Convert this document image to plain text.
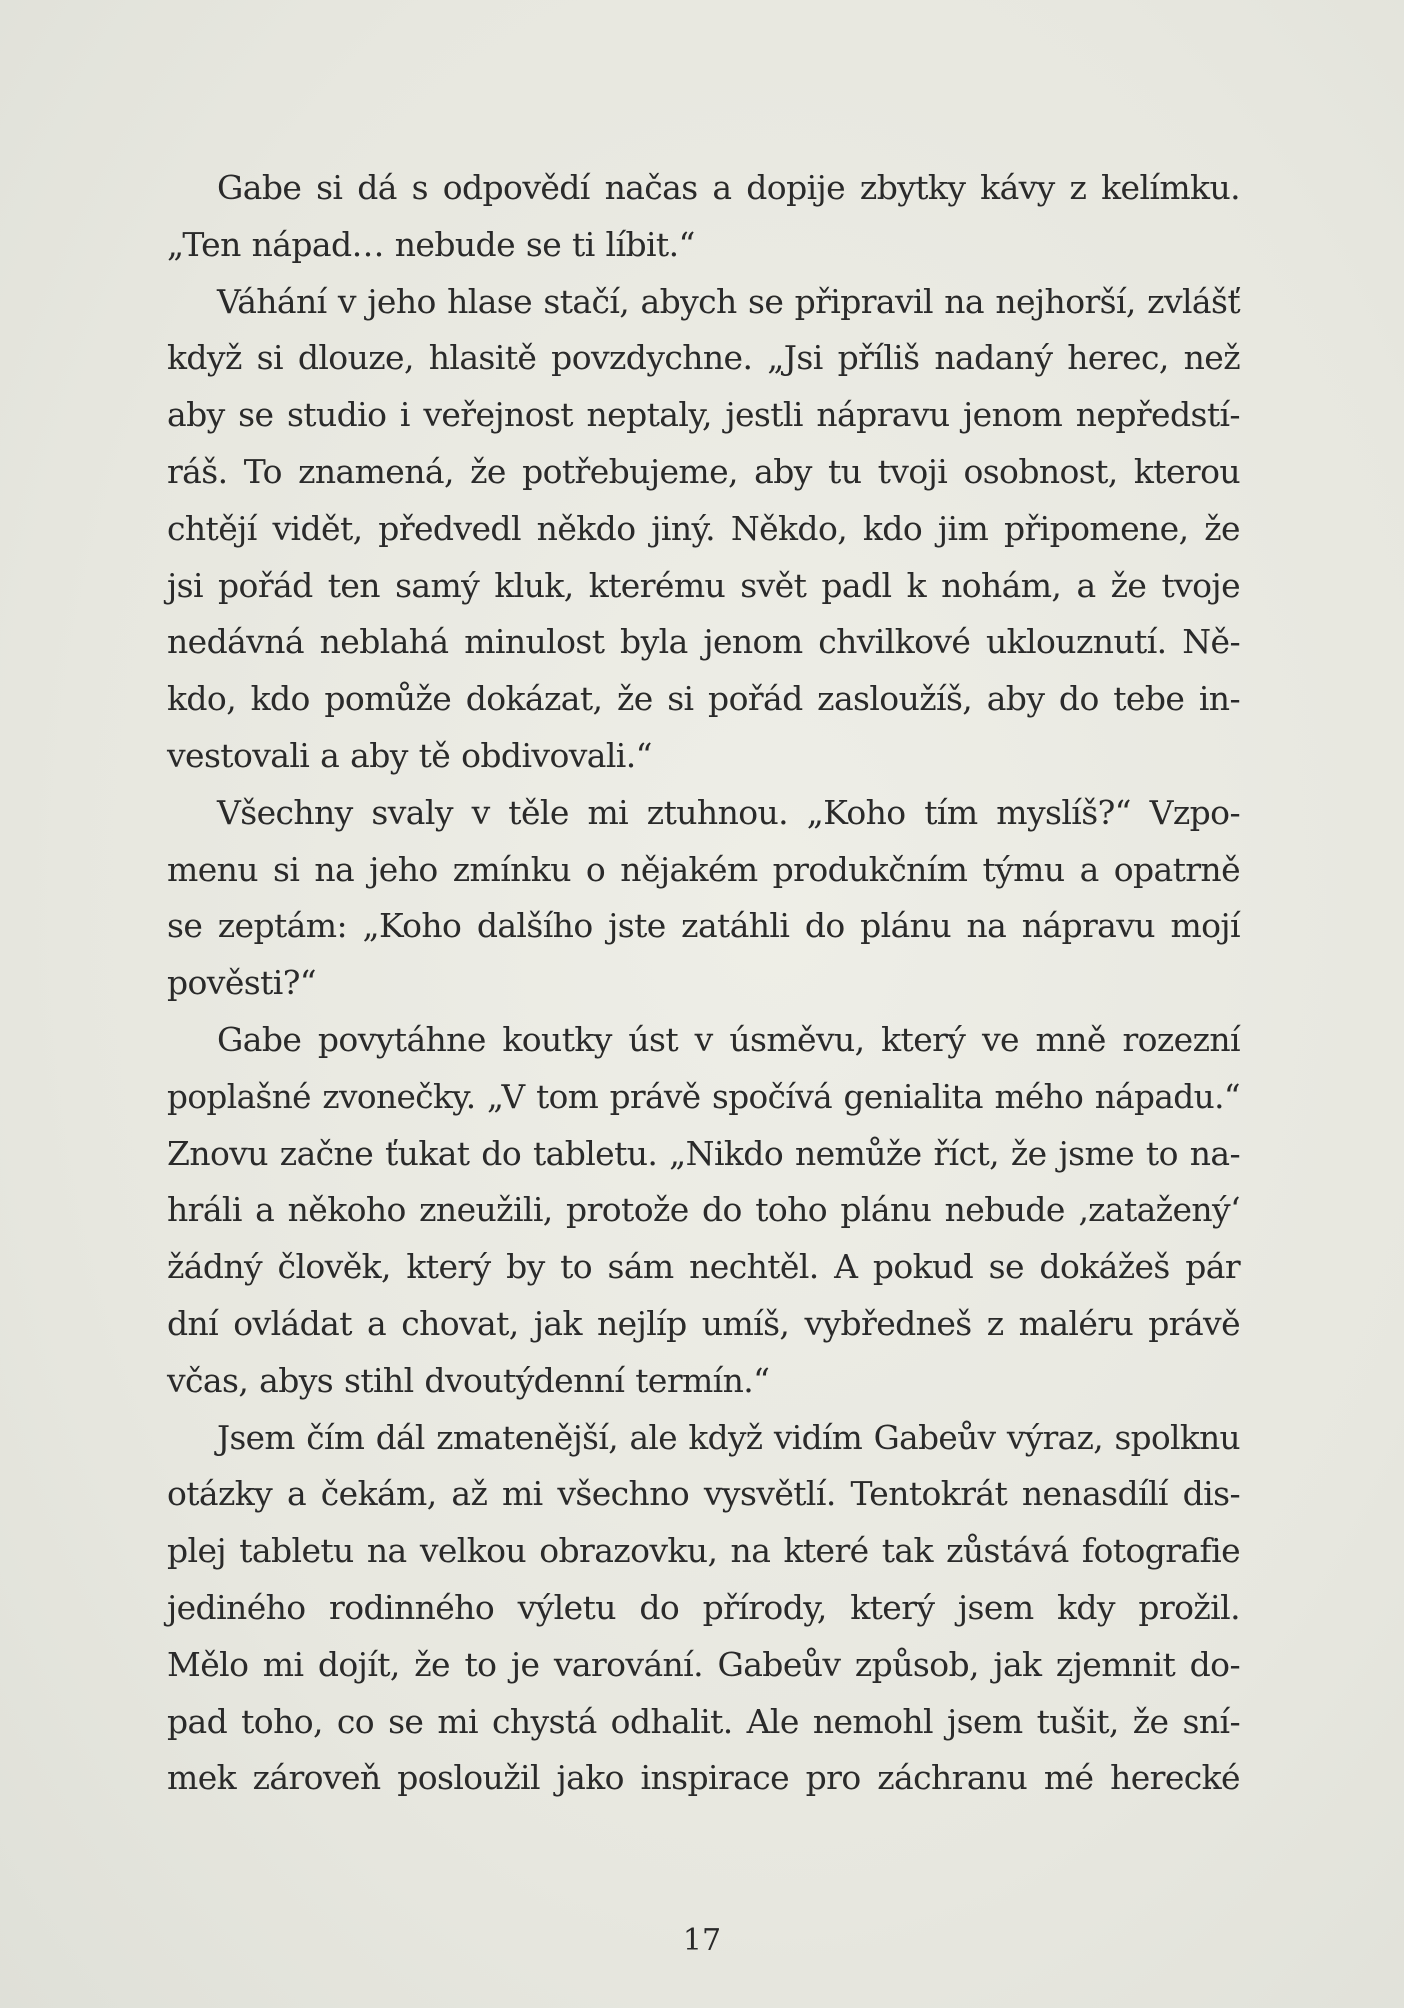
Gabe si dá s odpovědí načas a dopije zbytky kávy z kelímku.
„Ten nápad… nebude se ti líbit.“
Váhání v jeho hlase stačí, abych se připravil na nejhorší, zvlášť
když si dlouze, hlasitě povzdychne. „Jsi příliš nadaný herec, než
aby se studio i veřejnost neptaly, jestli nápravu jenom nepředstí-
ráš. To znamená, že potřebujeme, aby tu tvoji osobnost, kterou
chtějí vidět, předvedl někdo jiný. Někdo, kdo jim připomene, že
jsi pořád ten samý kluk, kterému svět padl k nohám, a že tvoje
nedávná neblahá minulost byla jenom chvilkové uklouznutí. Ně-
kdo, kdo pomůže dokázat, že si pořád zasloužíš, aby do tebe in-
vestovali a aby tě obdivovali.“
Všechny svaly v těle mi ztuhnou. „Koho tím myslíš?“ Vzpo-
menu si na jeho zmínku o nějakém produkčním týmu a opatrně
se zeptám: „Koho dalšího jste zatáhli do plánu na nápravu mojí
pověsti?“
Gabe povytáhne koutky úst v úsměvu, který ve mně rozezní
poplašné zvonečky. „V tom právě spočívá genialita mého nápadu.“
Znovu začne ťukat do tabletu. „Nikdo nemůže říct, že jsme to na-
hráli a někoho zneužili, protože do toho plánu nebude ‚zatažený‘
žádný člověk, který by to sám nechtěl. A pokud se dokážeš pár
dní ovládat a chovat, jak nejlíp umíš, vybředneš z maléru právě
včas, abys stihl dvoutýdenní termín.“
Jsem čím dál zmatenější, ale když vidím Gabeův výraz, spolknu
otázky a čekám, až mi všechno vysvětlí. Tentokrát nenasdílí dis-
plej tabletu na velkou obrazovku, na které tak zůstává fotografie
jediného rodinného výletu do přírody, který jsem kdy prožil.
Mělo mi dojít, že to je varování. Gabeův způsob, jak zjemnit do-
pad toho, co se mi chystá odhalit. Ale nemohl jsem tušit, že sní-
mek zároveň posloužil jako inspirace pro záchranu mé herecké
17
